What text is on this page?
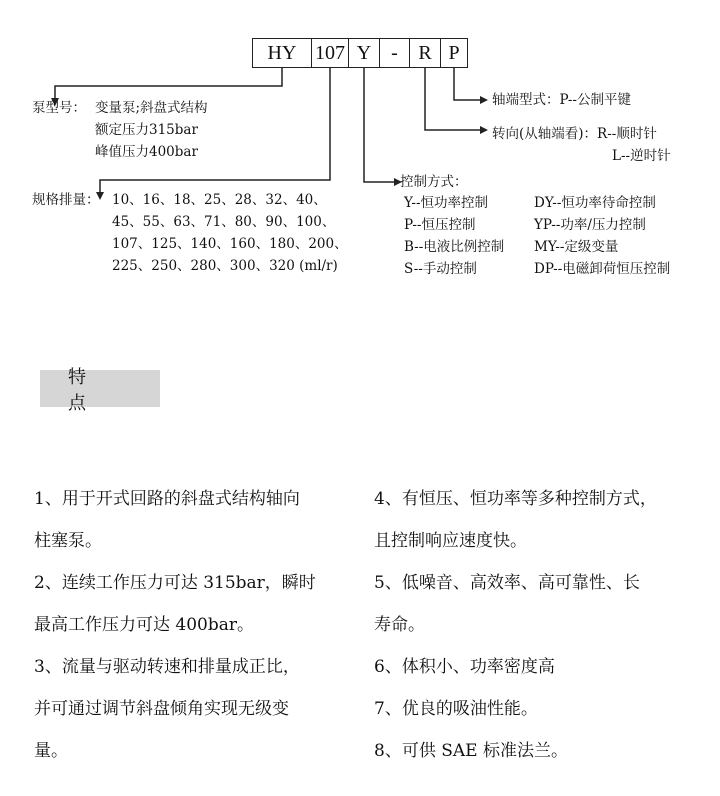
HY 107 Y -	R P
泵型号： 变量泵;斜盘式结构
额定压力315bar
峰值压力400bar
规格排量： 10、16、18、25、28、32、40、
45、55、63、71、80、90、100、
107、125、140、160、180、200、
225、250、280、300、320 (ml/r)
轴端型式：P--公制平键
转向(从轴端看)：R--顺时针
L--逆时针
控制方式：
Y--恒功率控制
P--恒压控制
B--电液比例控制
S--手动控制
DY--恒功率待命控制
YP--功率/压力控制
MY--定级变量
DP--电磁卸荷恒压控制
特 点
1、用于开式回路的斜盘式结构轴向
柱塞泵。
2、连续工作压力可达 315bar，瞬时
最高工作压力可达 400bar。
3、流量与驱动转速和排量成正比，
并可通过调节斜盘倾角实现无级变
量。
4、有恒压、恒功率等多种控制方式，
且控制响应速度快。
5、低噪音、高效率、高可靠性、长
寿命。
6、体积小、功率密度高
7、优良的吸油性能。
8、可供 SAE 标准法兰。
